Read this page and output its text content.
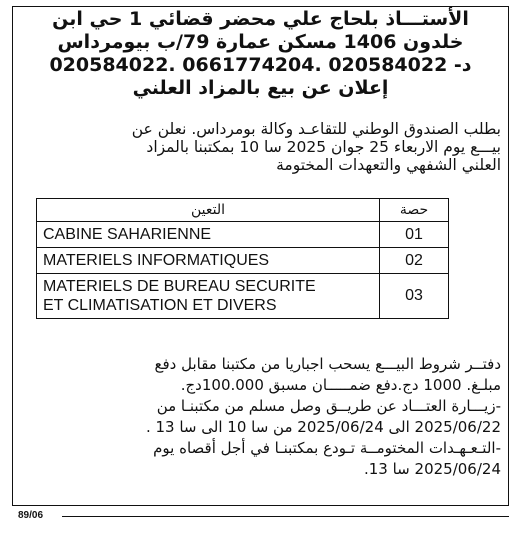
الأستـــاذ بلحاج علي محضر قضائي 1 حي ابن
خلدون 1406 مسكن عمارة 79/ب بيومرداس
د- 020584022 .0661774204 .020584022
إعلان عن بيع بالمزاد العلني
بطلب الصندوق الوطني للتقاعـد وكالة بومرداس. نعلن عن
بيـــع يوم الاربعاء 25 جوان 2025 سا 10 بمكتبنا بالمزاد
العلني الشفهي والتعهدات المختومة
التعين	حصة
CABINE SAHARIENNE	01
MATERIELS INFORMATIQUES	02

MATERIELS DE BUREAU SECURITE
ET CLIMATISATION ET DIVERS	03
دفتــر شروط البيـــع يسحب اجباريا من مكتبنا مقابل دفع
مبلـغ. 1000 دج.دفع ضمـــــان مسبق 100.000دج.
-زيـــارة العتـــاد عن طريــق وصل مسلم من مكتبنـا من
2025/06/22 الى 2025/06/24 من سا 10 الى سا 13 .
-التـعـهـدات المختومــة تـودع بمكتبنـا في أجل أقصاه يوم
2025/06/24 سا 13.
89/06
